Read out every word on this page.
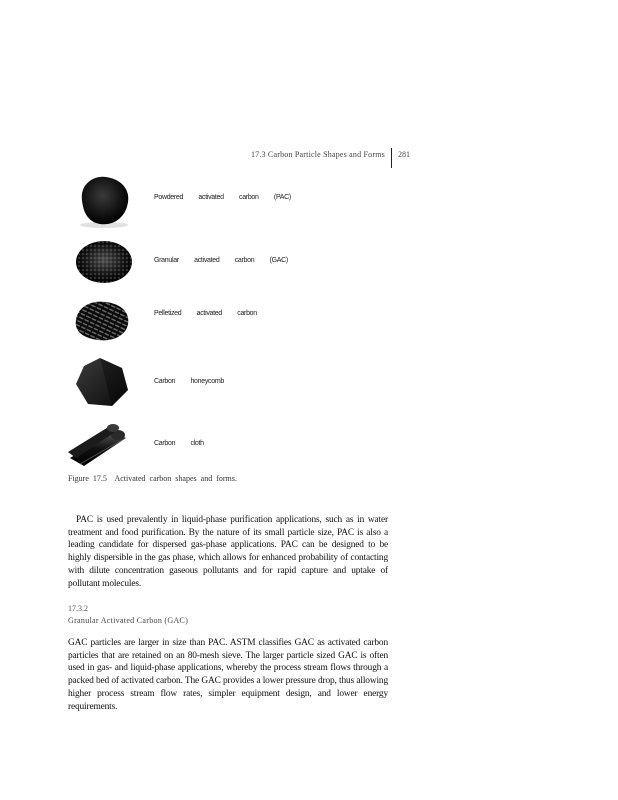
17.3 Carbon Particle Shapes and Forms 281
Powdered  activated  carbon  (PAC)
Granular  activated  carbon  (GAC)
Pelletized  activated  carbon
Carbon  honeycomb
Carbon  cloth
Figure  17.5    Activated  carbon  shapes  and  forms.

PAC is used prevalently in liquid-phase purification applications, such as in water treatment and food purification. By the nature of its small particle size, PAC is also a leading candidate for dispersed gas-phase applications. PAC can be designed to be highly dispersible in the gas phase, which allows for enhanced probability of contacting with dilute concentration gaseous pollutants and for rapid capture and uptake of pollutant molecules.

17.3.2
Granular Activated Carbon (GAC)

GAC particles are larger in size than PAC. ASTM classifies GAC as activated carbon particles that are retained on an 80-mesh sieve. The larger particle sized GAC is often used in gas- and liquid-phase applications, whereby the process stream flows through a packed bed of activated carbon. The GAC provides a lower pressure drop, thus allowing higher process stream flow rates, simpler equipment design, and lower energy requirements.
